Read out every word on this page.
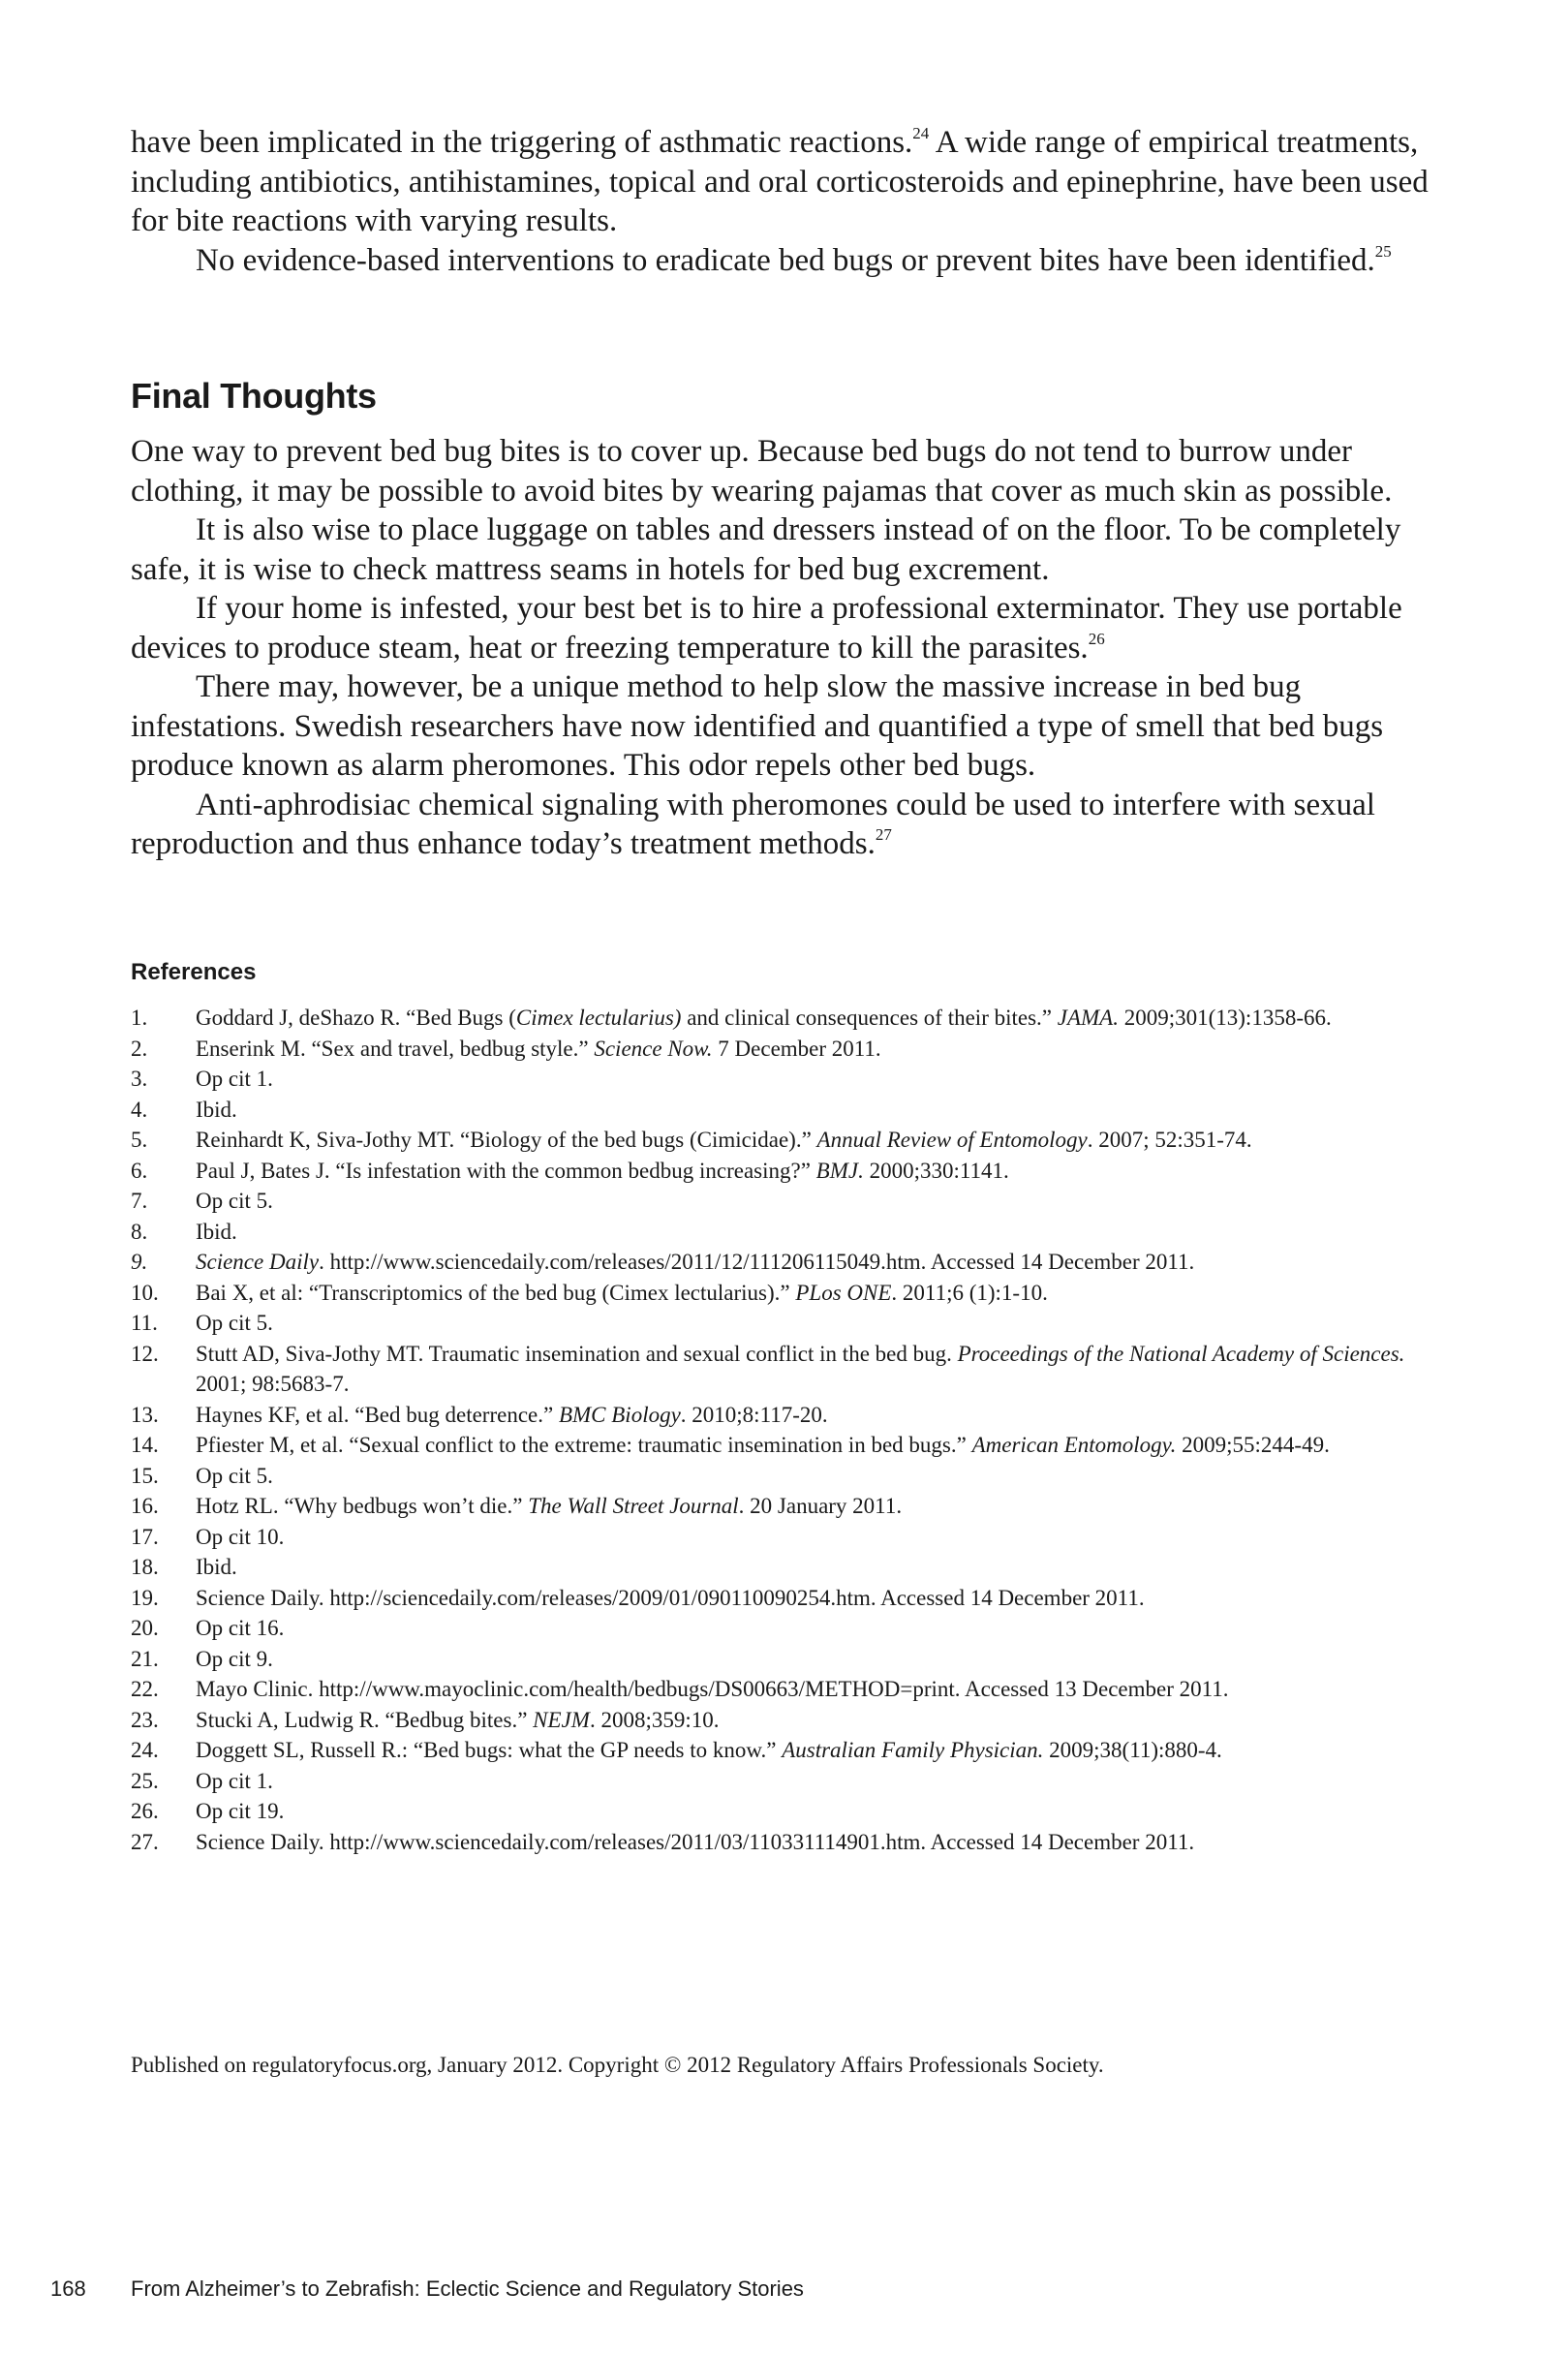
have been implicated in the triggering of asthmatic reactions.$^{24}$ A wide range of empirical treatments, including antibiotics, antihistamines, topical and oral corticosteroids and epinephrine, have been used for bite reactions with varying results.

No evidence-based interventions to eradicate bed bugs or prevent bites have been identified.$^{25}$

Final Thoughts

One way to prevent bed bug bites is to cover up. Because bed bugs do not tend to burrow under clothing, it may be possible to avoid bites by wearing pajamas that cover as much skin as possible.

It is also wise to place luggage on tables and dressers instead of on the floor. To be completely safe, it is wise to check mattress seams in hotels for bed bug excrement.

If your home is infested, your best bet is to hire a professional exterminator. They use portable devices to produce steam, heat or freezing temperature to kill the parasites.$^{26}$

There may, however, be a unique method to help slow the massive increase in bed bug infestations. Swedish researchers have now identified and quantified a type of smell that bed bugs produce known as alarm pheromones. This odor repels other bed bugs.

Anti-aphrodisiac chemical signaling with pheromones could be used to interfere with sexual reproduction and thus enhance today’s treatment methods.$^{27}$

References
1. Goddard J, deShazo R. “Bed Bugs (Cimex lectularius) and clinical consequences of their bites.” JAMA. 2009;301(13):1358-66.
2. Enserink M. “Sex and travel, bedbug style.” Science Now. 7 December 2011.
3. Op cit 1.
4. Ibid.
5. Reinhardt K, Siva-Jothy MT. “Biology of the bed bugs (Cimicidae).” Annual Review of Entomology. 2007; 52:351-74.
6. Paul J, Bates J. “Is infestation with the common bedbug increasing?” BMJ. 2000;330:1141.
7. Op cit 5.
8. Ibid.
9. Science Daily. http://www.sciencedaily.com/releases/2011/12/111206115049.htm. Accessed 14 December 2011.
10. Bai X, et al: “Transcriptomics of the bed bug (Cimex lectularius).” PLos ONE. 2011;6 (1):1-10.
11. Op cit 5.
12. Stutt AD, Siva-Jothy MT. Traumatic insemination and sexual conflict in the bed bug. Proceedings of the National Academy of Sciences. 2001; 98:5683-7.
13. Haynes KF, et al. “Bed bug deterrence.” BMC Biology. 2010;8:117-20.
14. Pfiester M, et al. “Sexual conflict to the extreme: traumatic insemination in bed bugs.” American Entomology. 2009;55:244-49.
15. Op cit 5.
16. Hotz RL. “Why bedbugs won’t die.” The Wall Street Journal. 20 January 2011.
17. Op cit 10.
18. Ibid.
19. Science Daily. http://sciencedaily.com/releases/2009/01/090110090254.htm. Accessed 14 December 2011.
20. Op cit 16.
21. Op cit 9.
22. Mayo Clinic. http://www.mayoclinic.com/health/bedbugs/DS00663/METHOD=print. Accessed 13 December 2011.
23. Stucki A, Ludwig R. “Bedbug bites.” NEJM. 2008;359:10.
24. Doggett SL, Russell R.: “Bed bugs: what the GP needs to know.” Australian Family Physician. 2009;38(11):880-4.
25. Op cit 1.
26. Op cit 19.
27. Science Daily. http://www.sciencedaily.com/releases/2011/03/110331114901.htm. Accessed 14 December 2011.

Published on regulatoryfocus.org, January 2012. Copyright © 2012 Regulatory Affairs Professionals Society.

168 From Alzheimer’s to Zebrafish: Eclectic Science and Regulatory Stories
